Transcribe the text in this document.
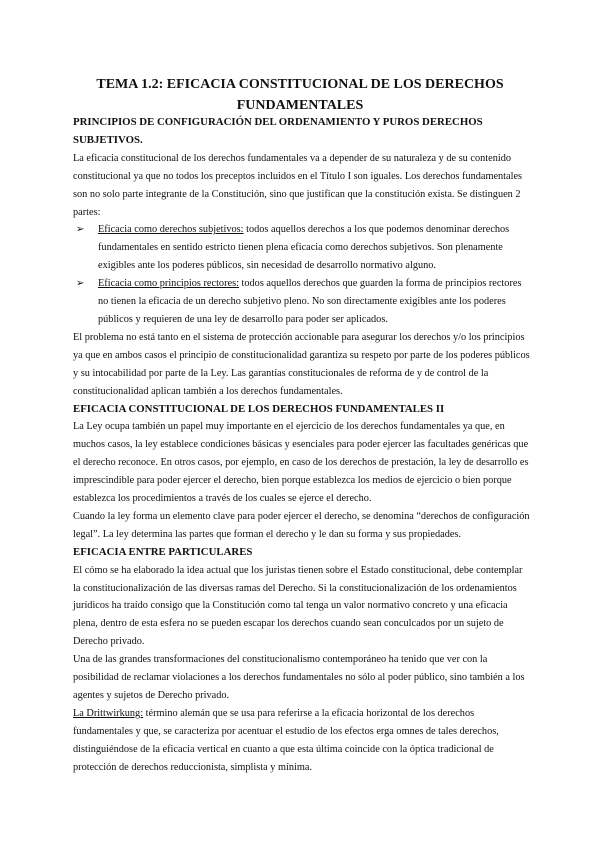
TEMA 1.2: EFICACIA CONSTITUCIONAL DE LOS DERECHOS FUNDAMENTALES

PRINCIPIOS DE CONFIGURACIÓN DEL ORDENAMIENTO Y PUROS DERECHOS SUBJETIVOS.

La eficacia constitucional de los derechos fundamentales va a depender de su naturaleza y de su contenido constitucional ya que no todos los preceptos incluidos en el Título I son iguales. Los derechos fundamentales son no solo parte integrante de la Constitución, sino que justifican que la constitución exista. Se distinguen 2 partes:

➢ Eficacia como derechos subjetivos: todos aquellos derechos a los que podemos denominar derechos fundamentales en sentido estricto tienen plena eficacia como derechos subjetivos. Son plenamente exigibles ante los poderes públicos, sin necesidad de desarrollo normativo alguno.
➢ Eficacia como principios rectores: todos aquellos derechos que guarden la forma de principios rectores no tienen la eficacia de un derecho subjetivo pleno. No son directamente exigibles ante los poderes públicos y requieren de una ley de desarrollo para poder ser aplicados.

El problema no está tanto en el sistema de protección accionable para asegurar los derechos y/o los principios ya que en ambos casos el principio de constitucionalidad garantiza su respeto por parte de los poderes públicos y su intocabilidad por parte de la Ley. Las garantías constitucionales de reforma de y de control de la constitucionalidad aplican también a los derechos fundamentales.

EFICACIA CONSTITUCIONAL DE LOS DERECHOS FUNDAMENTALES II

La Ley ocupa también un papel muy importante en el ejercicio de los derechos fundamentales ya que, en muchos casos, la ley establece condiciones básicas y esenciales para poder ejercer las facultades genéricas que el derecho reconoce. En otros casos, por ejemplo, en caso de los derechos de prestación, la ley de desarrollo es imprescindible para poder ejercer el derecho, bien porque establezca los medios de ejercicio o bien porque establezca los procedimientos a través de los cuales se ejerce el derecho.

Cuando la ley forma un elemento clave para poder ejercer el derecho, se denomina “derechos de configuración legal”. La ley determina las partes que forman el derecho y le dan su forma y sus propiedades.

EFICACIA ENTRE PARTICULARES

El cómo se ha elaborado la idea actual que los juristas tienen sobre el Estado constitucional, debe contemplar la constitucionalización de las diversas ramas del Derecho. Si la constitucionalización de los ordenamientos jurídicos ha traído consigo que la Constitución como tal tenga un valor normativo concreto y una eficacia plena, dentro de esta esfera no se pueden escapar los derechos cuando sean conculcados por un sujeto de Derecho privado.

Una de las grandes transformaciones del constitucionalismo contemporáneo ha tenido que ver con la posibilidad de reclamar violaciones a los derechos fundamentales no sólo al poder público, sino también a los agentes y sujetos de Derecho privado.

La Drittwirkung: término alemán que se usa para referirse a la eficacia horizontal de los derechos fundamentales y que, se caracteriza por acentuar el estudio de los efectos erga omnes de tales derechos, distinguiéndose de la eficacia vertical en cuanto a que esta última coincide con la óptica tradicional de protección de derechos reduccionista, simplista y mínima.
